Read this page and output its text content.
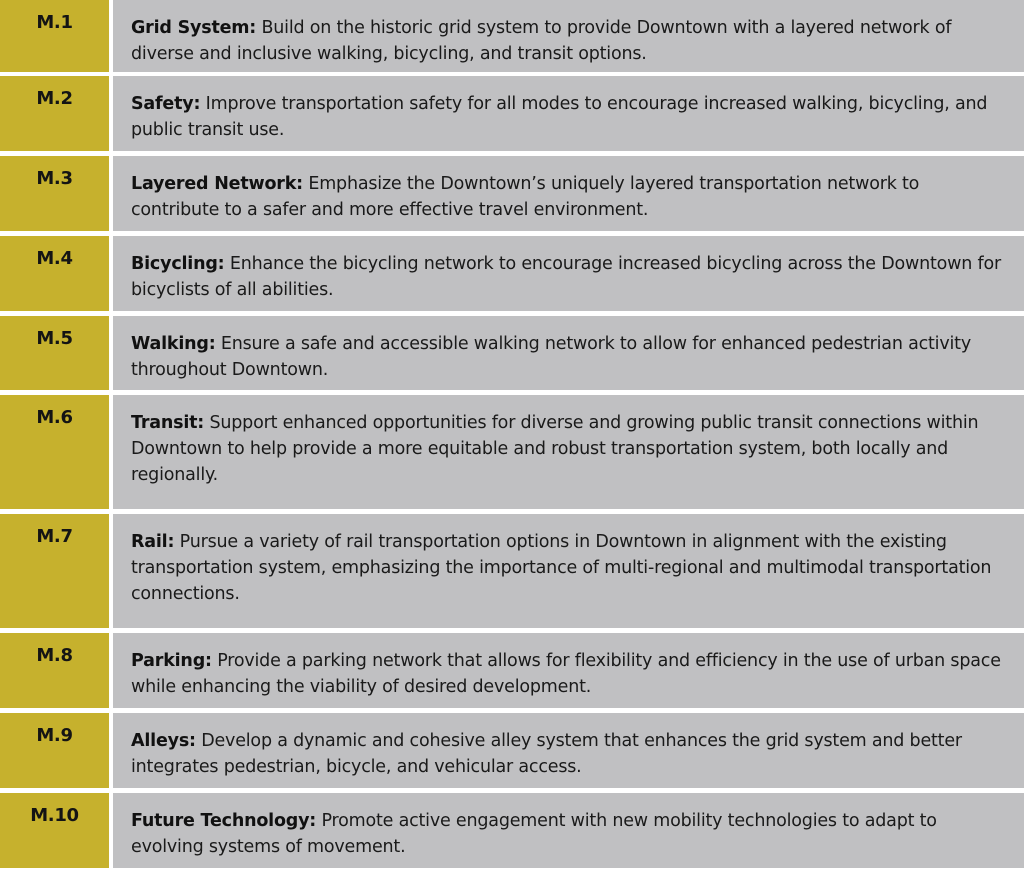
M.1	Grid System: Build on the historic grid system to provide Downtown with a layered network of diverse and inclusive walking, bicycling, and transit options.

M.2	Safety: Improve transportation safety for all modes to encourage increased walking, bicycling, and public transit use.

M.3	Layered Network: Emphasize the Downtown’s uniquely layered transportation network to contribute to a safer and more effective travel environment.

M.4	Bicycling: Enhance the bicycling network to encourage increased bicycling across the Downtown for bicyclists of all abilities.

M.5	Walking: Ensure a safe and accessible walking network to allow for enhanced pedestrian activity throughout Downtown.

M.6	Transit: Support enhanced opportunities for diverse and growing public transit connections within Downtown to help provide a more equitable and robust transportation system, both locally and regionally.

M.7	Rail: Pursue a variety of rail transportation options in Downtown in alignment with the existing transportation system, emphasizing the importance of multi-regional and multimodal transportation connections.

M.8	Parking: Provide a parking network that allows for flexibility and efficiency in the use of urban space while enhancing the viability of desired development.

M.9	Alleys: Develop a dynamic and cohesive alley system that enhances the grid system and better integrates pedestrian, bicycle, and vehicular access.

M.10	Future Technology: Promote active engagement with new mobility technologies to adapt to evolving systems of movement.
